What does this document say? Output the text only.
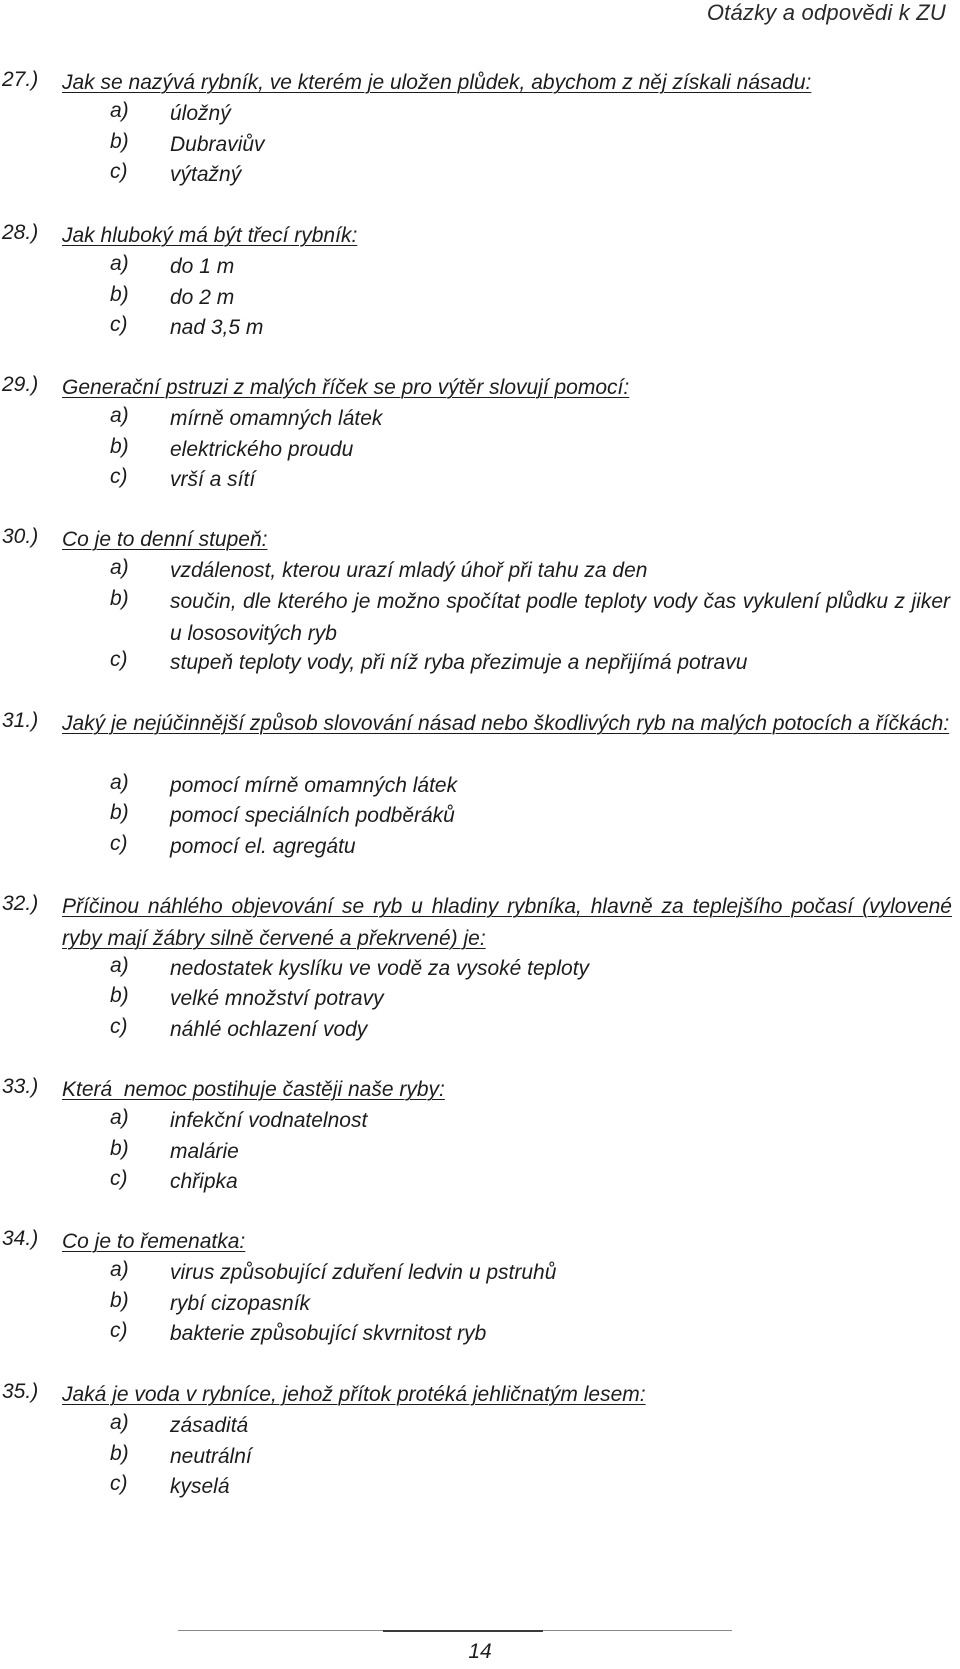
Otázky a odpovědi k ZU
27.) Jak se nazývá rybník, ve kterém je uložen plůdek, abychom z něj získali násadu:
a) úložný
b) Dubraviův
c) výtažný
28.) Jak hluboký má být třecí rybník:
a) do 1 m
b) do 2 m
c) nad 3,5 m
29.) Generační pstruzi z malých říček se pro výtěr slovují pomocí:
a) mírně omamných látek
b) elektrického proudu
c) vrší a sítí
30.) Co je to denní stupeň:
a) vzdálenost, kterou urazí mladý úhoř při tahu za den
b) součin, dle kterého je možno spočítat podle teploty vody čas vykulení plůdku z jiker u lososovitých ryb
c) stupeň teploty vody, při níž ryba přezimuje a nepřijímá potravu
31.) Jaký je nejúčinnější způsob slovování násad nebo škodlivých ryb na malých potocích a říčkách:
a) pomocí mírně omamných látek
b) pomocí speciálních podběráků
c) pomocí el. agregátu
32.) Příčinou náhlého objevování se ryb u hladiny rybníka, hlavně za teplejšího počasí (vylovené ryby mají žábry silně červené a překrvené) je:
a) nedostatek kyslíku ve vodě za vysoké teploty
b) velké množství potravy
c) náhlé ochlazení vody
33.) Která  nemoc postihuje častěji naše ryby:
a) infekční vodnatelnost
b) malárie
c) chřipka
34.) Co je to řemenatka:
a) virus způsobující zduření ledvin u pstruhů
b) rybí cizopasník
c) bakterie způsobující skvrnitost ryb
35.) Jaká je voda v rybníce, jehož přítok protéká jehličnatým lesem:
a) zásaditá
b) neutrální
c) kyselá
14
